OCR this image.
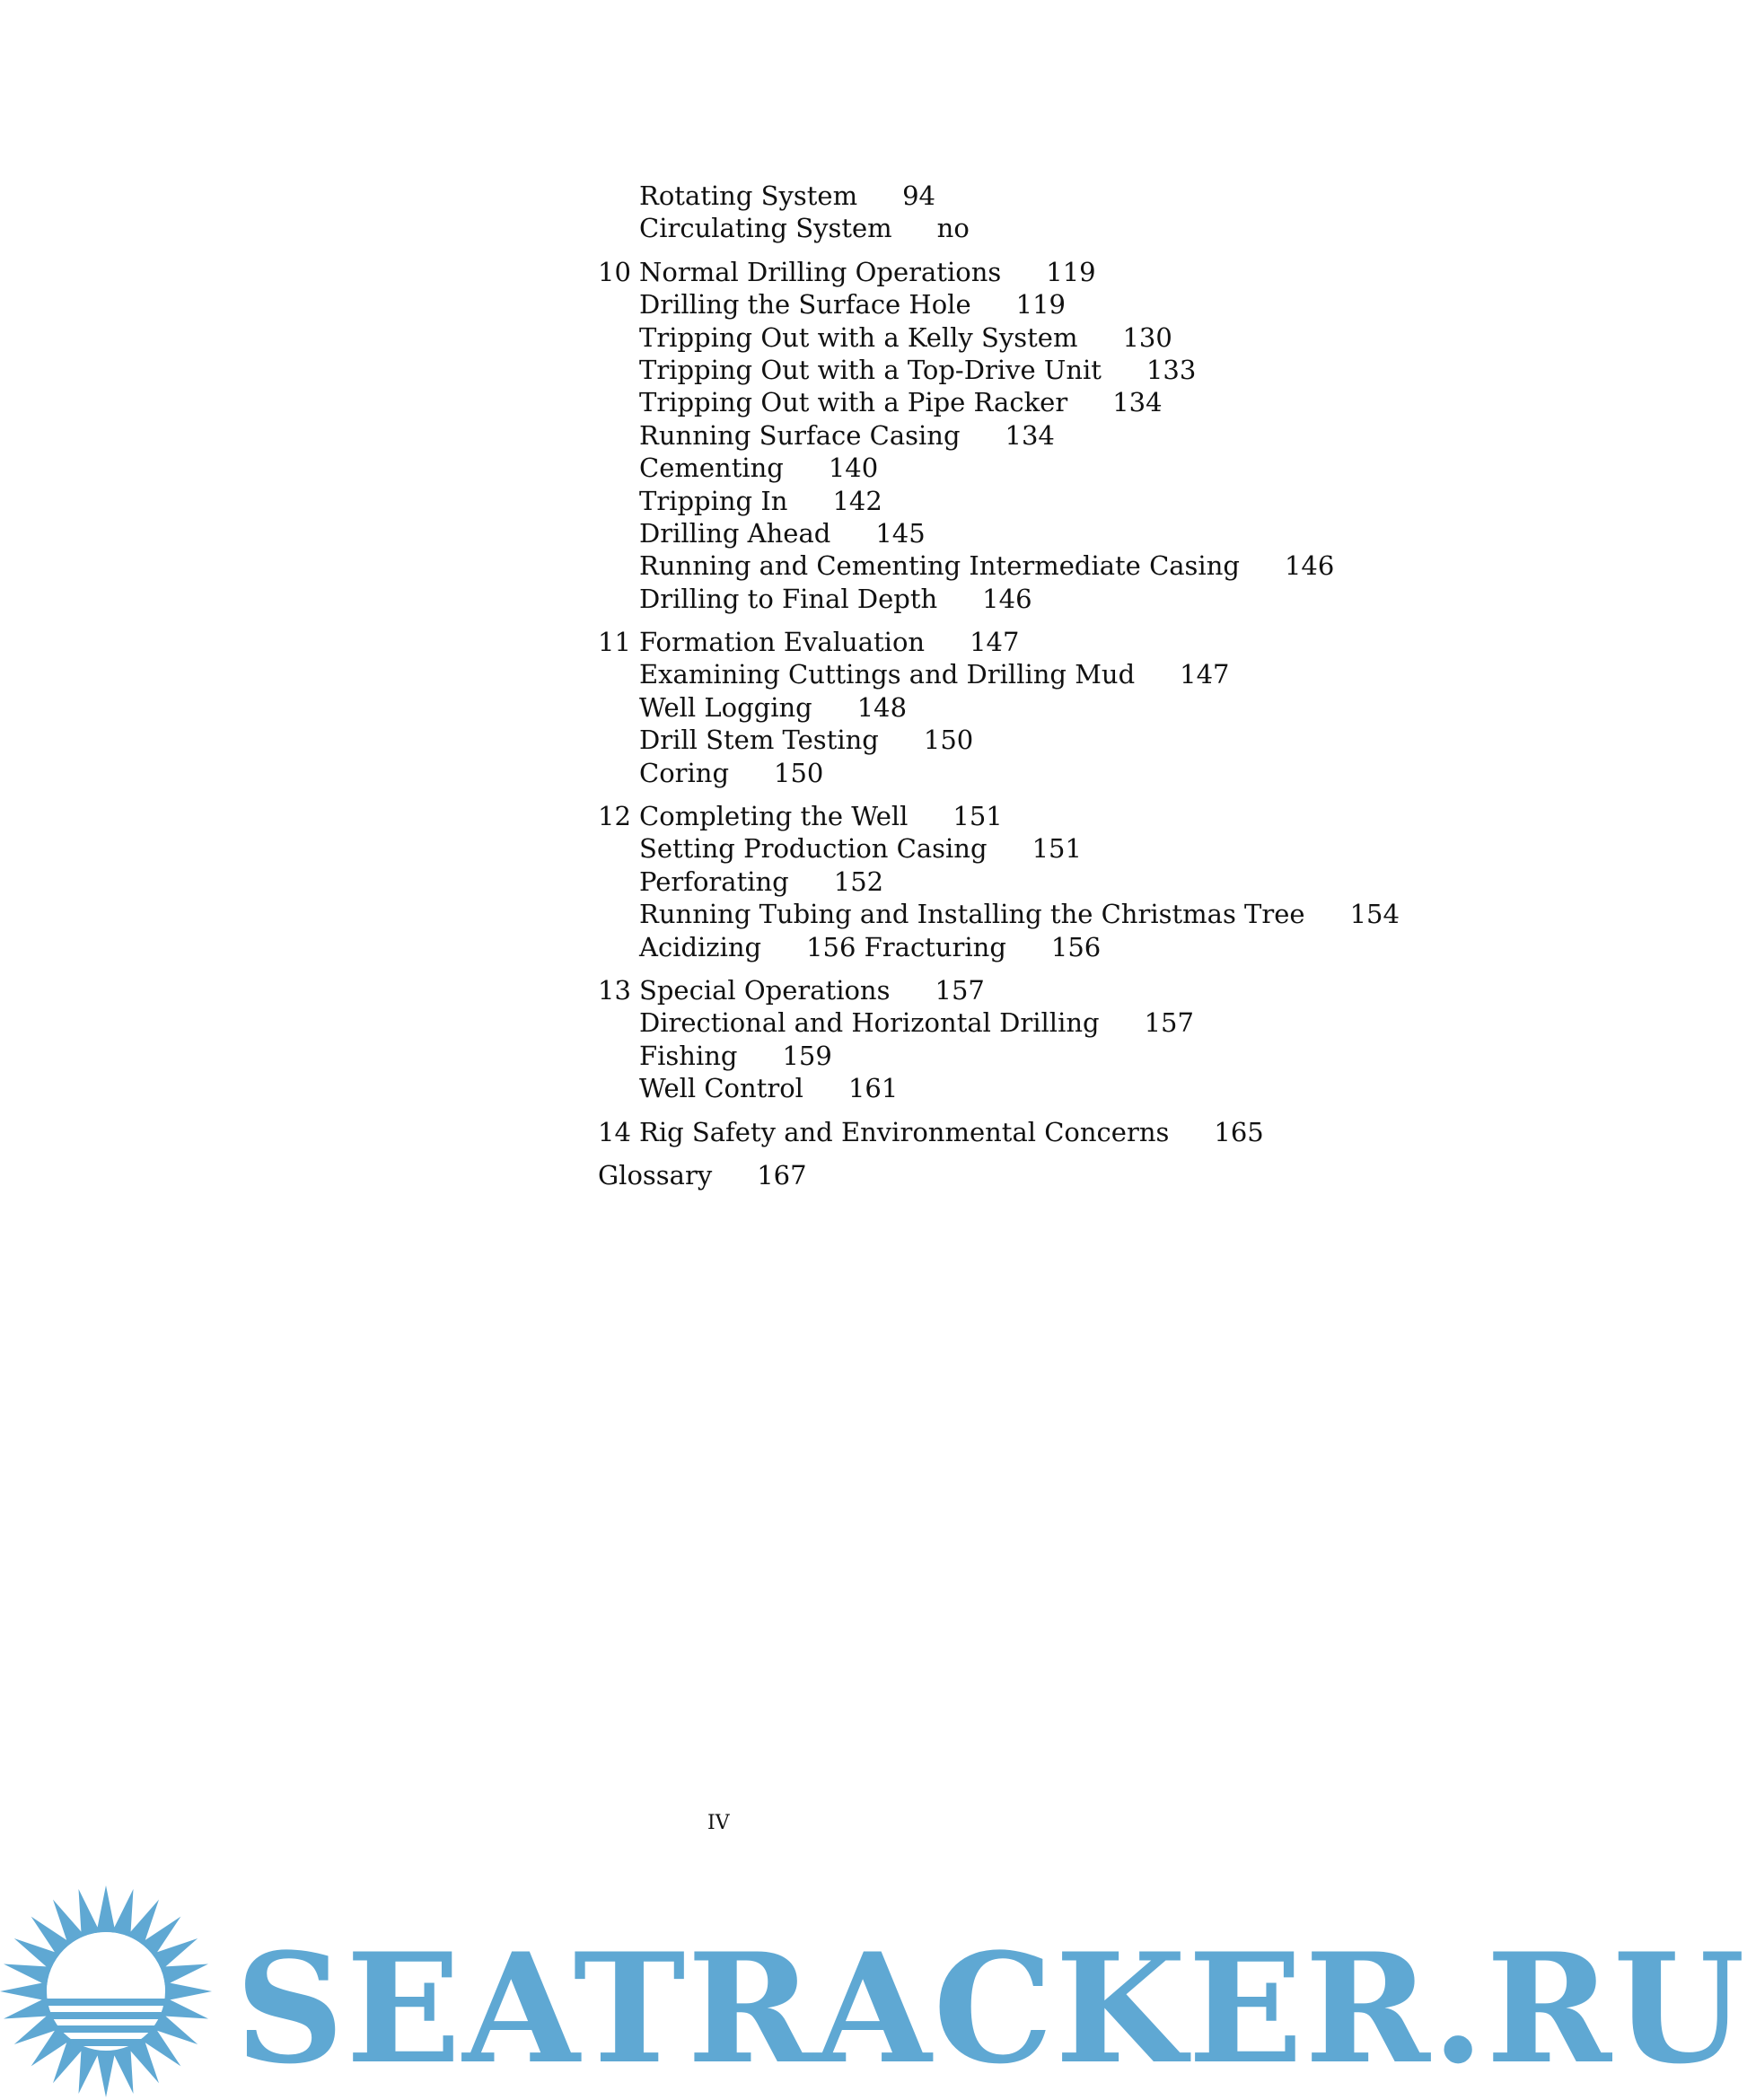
Rotating System 94
Circulating System no
10 Normal Drilling Operations 119
Drilling the Surface Hole 119
Tripping Out with a Kelly System 130
Tripping Out with a Top-Drive Unit 133
Tripping Out with a Pipe Racker 134
Running Surface Casing 134
Cementing 140
Tripping In 142
Drilling Ahead 145
Running and Cementing Intermediate Casing 146
Drilling to Final Depth 146
11 Formation Evaluation 147
Examining Cuttings and Drilling Mud 147
Well Logging 148
Drill Stem Testing 150
Coring 150
12 Completing the Well 151
Setting Production Casing 151
Perforating 152
Running Tubing and Installing the Christmas Tree 154
Acidizing 156 Fracturing 156
13 Special Operations 157
Directional and Horizontal Drilling 157
Fishing 159
Well Control 161
14 Rig Safety and Environmental Concerns 165
Glossary 167
IV
SEATRACKER.RU
